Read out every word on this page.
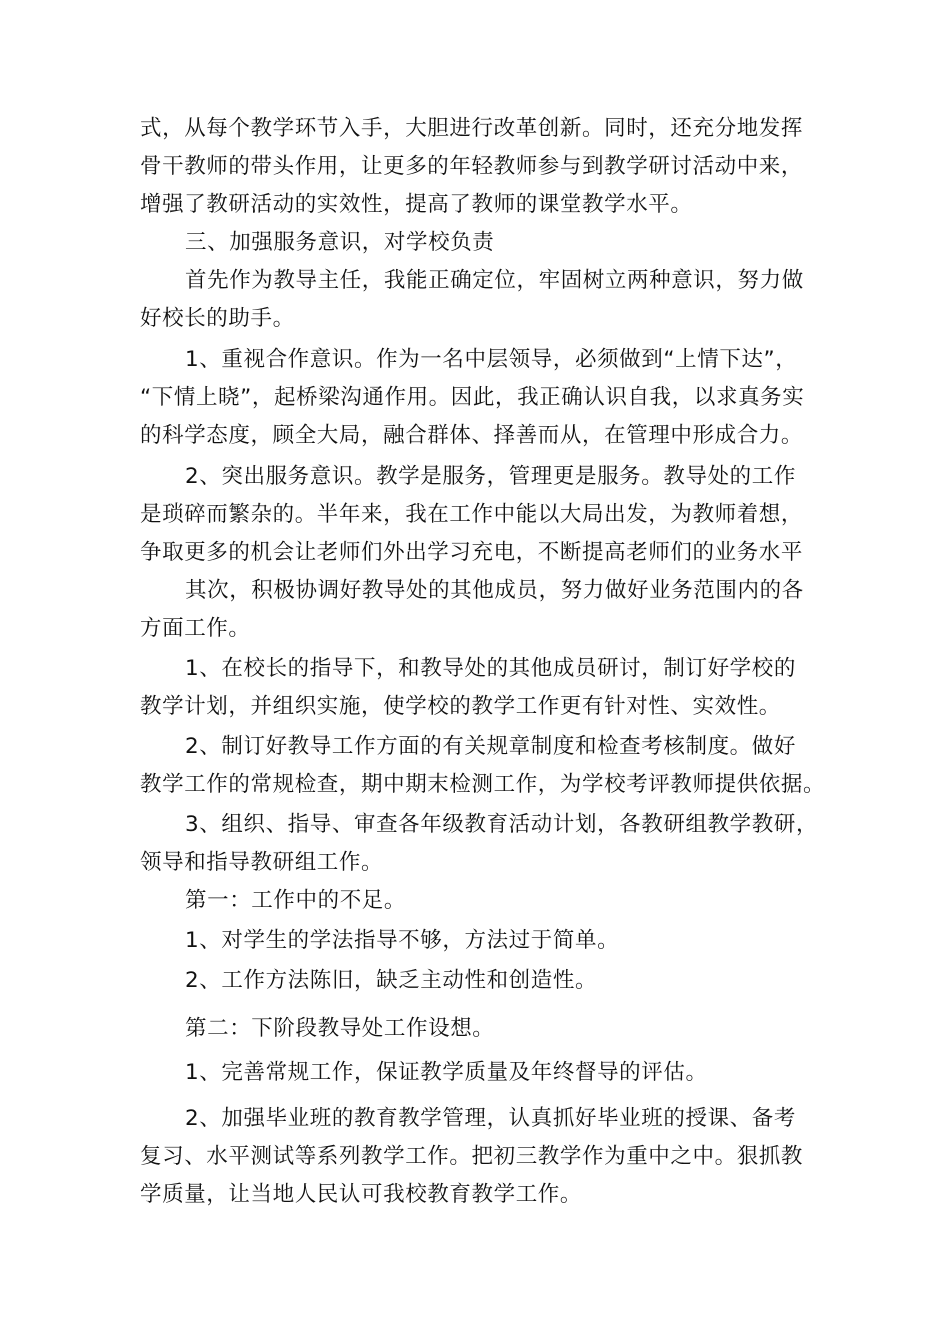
式，从每个教学环节入手，大胆进行改革创新。同时，还充分地发挥
骨干教师的带头作用，让更多的年轻教师参与到教学研讨活动中来，
增强了教研活动的实效性，提高了教师的课堂教学水平。
三、加强服务意识，对学校负责
首先作为教导主任，我能正确定位，牢固树立两种意识，努力做
好校长的助手。
1、重视合作意识。作为一名中层领导，必须做到“上情下达”，
“下情上晓”，起桥梁沟通作用。因此，我正确认识自我，以求真务实
的科学态度，顾全大局，融合群体、择善而从，在管理中形成合力。
2、突出服务意识。教学是服务，管理更是服务。教导处的工作
是琐碎而繁杂的。半年来，我在工作中能以大局出发，为教师着想，
争取更多的机会让老师们外出学习充电，不断提高老师们的业务水平
其次，积极协调好教导处的其他成员，努力做好业务范围内的各
方面工作。
1、在校长的指导下，和教导处的其他成员研讨，制订好学校的
教学计划，并组织实施，使学校的教学工作更有针对性、实效性。
2、制订好教导工作方面的有关规章制度和检查考核制度。做好
教学工作的常规检查，期中期末检测工作，为学校考评教师提供依据。
3、组织、指导、审查各年级教育活动计划，各教研组教学教研，
领导和指导教研组工作。
第一：工作中的不足。
1、对学生的学法指导不够，方法过于简单。
2、工作方法陈旧，缺乏主动性和创造性。
第二：下阶段教导处工作设想。
1、完善常规工作，保证教学质量及年终督导的评估。
2、加强毕业班的教育教学管理，认真抓好毕业班的授课、备考
复习、水平测试等系列教学工作。把初三教学作为重中之中。狠抓教
学质量，让当地人民认可我校教育教学工作。
